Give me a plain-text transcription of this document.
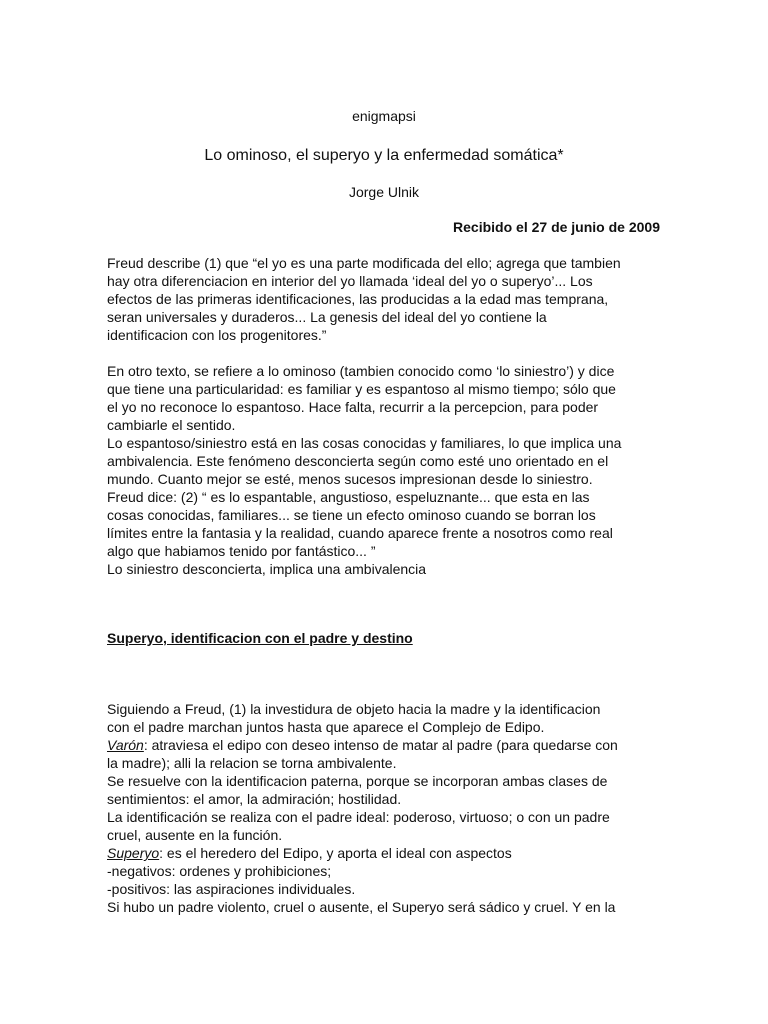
enigmapsi
Lo ominoso, el superyo y la enfermedad somática*
Jorge Ulnik
Recibido el 27 de junio de 2009
Freud describe (1) que “el yo es una parte modificada del ello; agrega que tambien
hay otra diferenciacion en interior del yo llamada ‘ideal del yo o superyo’... Los
efectos de las primeras identificaciones, las producidas a la edad mas temprana,
seran universales y duraderos... La genesis del ideal del yo contiene la
identificacion con los progenitores.”
En otro texto, se refiere a lo ominoso (tambien conocido como ‘lo siniestro’) y dice
que tiene una particularidad: es familiar y es espantoso al mismo tiempo; sólo que
el yo no reconoce lo espantoso. Hace falta, recurrir a la percepcion, para poder
cambiarle el sentido.
Lo espantoso/siniestro está en las cosas conocidas y familiares, lo que implica una
ambivalencia. Este fenómeno desconcierta según como esté uno orientado en el
mundo. Cuanto mejor se esté, menos sucesos impresionan desde lo siniestro.
Freud dice: (2) “ es lo espantable, angustioso, espeluznante... que esta en las
cosas conocidas, familiares... se tiene un efecto ominoso cuando se borran los
límites entre la fantasia y la realidad, cuando aparece frente a nosotros como real
algo que habiamos tenido por fantástico... ”
Lo siniestro desconcierta, implica una ambivalencia
Superyo, identificacion con el padre y destino
Siguiendo a Freud, (1) la investidura de objeto hacia la madre y la identificacion
con el padre marchan juntos hasta que aparece el Complejo de Edipo.
Varón: atraviesa el edipo con deseo intenso de matar al padre (para quedarse con
la madre); alli la relacion se torna ambivalente.
Se resuelve con la identificacion paterna, porque se incorporan ambas clases de
sentimientos: el amor, la admiración; hostilidad.
La identificación se realiza con el padre ideal: poderoso, virtuoso; o con un padre
cruel, ausente en la función.
Superyo: es el heredero del Edipo, y aporta el ideal con aspectos
-negativos: ordenes y prohibiciones;
-positivos: las aspiraciones individuales.
Si hubo un padre violento, cruel o ausente, el Superyo será sádico y cruel. Y en la
